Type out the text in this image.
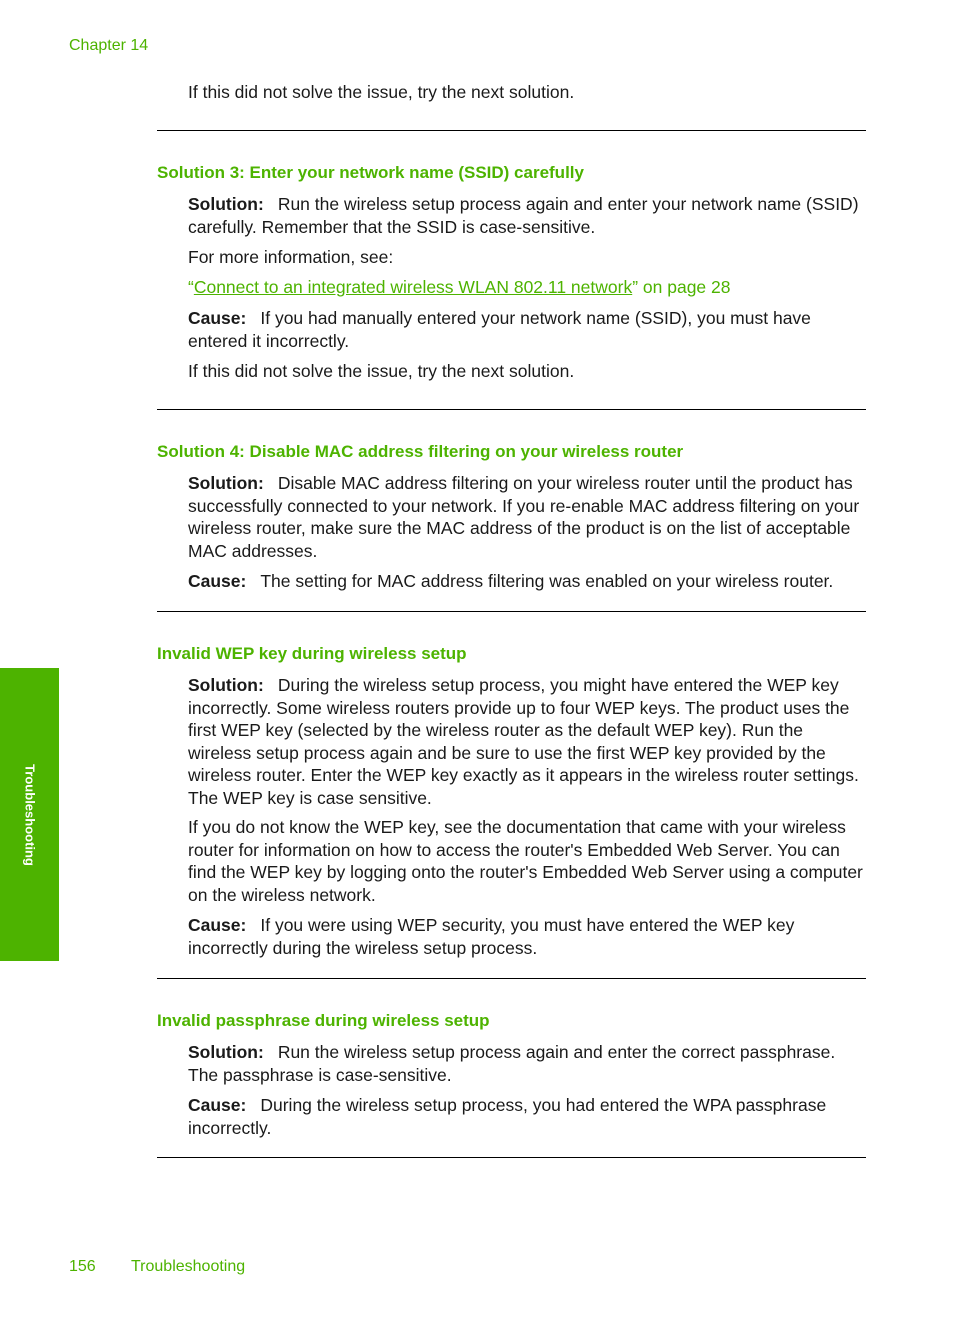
Chapter 14
Troubleshooting

If this did not solve the issue, try the next solution.

Solution 3: Enter your network name (SSID) carefully

Solution: Run the wireless setup process again and enter your network name (SSID) carefully. Remember that the SSID is case-sensitive.

For more information, see:

“Connect to an integrated wireless WLAN 802.11 network” on page 28

Cause: If you had manually entered your network name (SSID), you must have entered it incorrectly.

If this did not solve the issue, try the next solution.

Solution 4: Disable MAC address filtering on your wireless router

Solution: Disable MAC address filtering on your wireless router until the product has successfully connected to your network. If you re-enable MAC address filtering on your wireless router, make sure the MAC address of the product is on the list of acceptable MAC addresses.

Cause: The setting for MAC address filtering was enabled on your wireless router.

Invalid WEP key during wireless setup

Solution: During the wireless setup process, you might have entered the WEP key incorrectly. Some wireless routers provide up to four WEP keys. The product uses the first WEP key (selected by the wireless router as the default WEP key). Run the wireless setup process again and be sure to use the first WEP key provided by the wireless router. Enter the WEP key exactly as it appears in the wireless router settings. The WEP key is case sensitive.

If you do not know the WEP key, see the documentation that came with your wireless router for information on how to access the router's Embedded Web Server. You can find the WEP key by logging onto the router's Embedded Web Server using a computer on the wireless network.

Cause: If you were using WEP security, you must have entered the WEP key incorrectly during the wireless setup process.

Invalid passphrase during wireless setup

Solution: Run the wireless setup process again and enter the correct passphrase. The passphrase is case-sensitive.

Cause: During the wireless setup process, you had entered the WPA passphrase incorrectly.

156 Troubleshooting
